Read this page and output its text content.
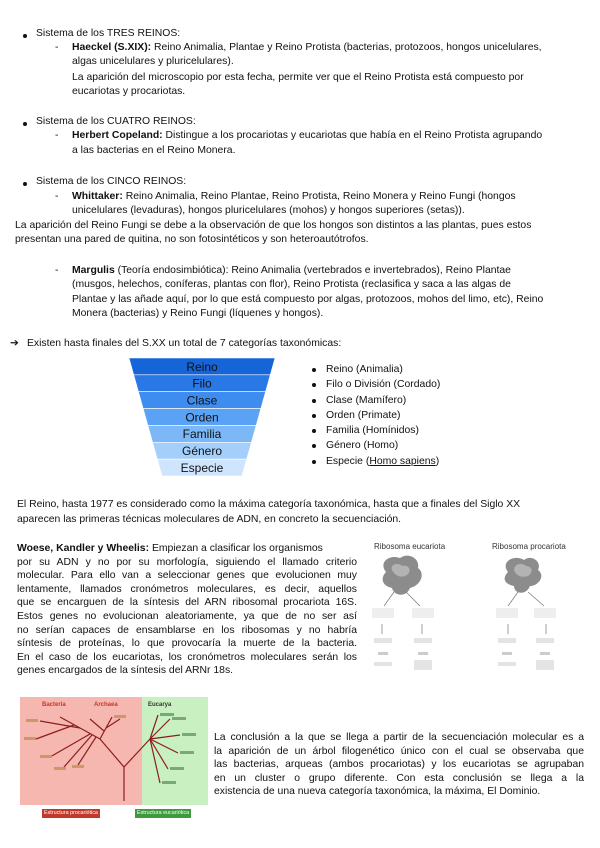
Sistema de los TRES REINOS:
- Haeckel (S.XIX): Reino Animalia, Plantae y Reino Protista (bacterias, protozoos, hongos unicelulares,
algas unicelulares y pluricelulares).
La aparición del microscopio por esta fecha, permite ver que el Reino Protista está compuesto por
eucariotas y procariotas.
Sistema de los CUATRO REINOS:
- Herbert Copeland: Distingue a los procariotas y eucariotas que había en el Reino Protista agrupando
a las bacterias en el Reino Monera.
Sistema de los CINCO REINOS:
- Whittaker: Reino Animalia, Reino Plantae, Reino Protista, Reino Monera y Reino Fungi (hongos
unicelulares (levaduras), hongos pluricelulares (mohos) y hongos superiores (setas)).
La aparición del Reino Fungi se debe a la observación de que los hongos son distintos a las plantas, pues estos
presentan una pared de quitina, no son fotosintéticos y son heteroautótrofos.
- Margulis (Teoría endosimbiótica): Reino Animalia (vertebrados e invertebrados), Reino Plantae
(musgos, helechos, coníferas, plantas con flor), Reino Protista (reclasifica y saca a las algas de
Plantae y las añade aquí, por lo que está compuesto por algas, protozoos, mohos del limo, etc), Reino
Monera (bacterias) y Reino Fungi (líquenes y hongos).
➔ Existen hasta finales del S.XX un total de 7 categorías taxonómicas:
Reino
Filo
Clase
Orden
Familia
Género
Especie
Reino (Animalia)
Filo o División (Cordado)
Clase (Mamífero)
Orden (Primate)
Familia (Homínidos)
Género (Homo)
Especie (Homo sapiens)
El Reino, hasta 1977 es considerado como la máxima categoría taxonómica, hasta que a finales del Siglo XX
aparecen las primeras técnicas moleculares de ADN, en concreto la secuenciación.
Woese, Kandler y Wheelis: Empiezan a clasificar los organismos
por su ADN y no por su morfología, siguiendo el llamado criterio
molecular. Para ello van a seleccionar genes que evolucionen muy
lentamente, llamados cronómetros moleculares, es decir, aquellos
que se encarguen de la síntesis del ARN ribosomal procariota 16S.
Estos genes no evolucionan aleatoriamente, ya que de no ser así
no serían capaces de ensamblarse en los ribosomas y no habría
síntesis de proteínas, lo que provocaría la muerte de la bacteria.
En el caso de los eucariotas, los cronómetros moleculares serán los
genes encargados de la síntesis del ARNr 18s.
Ribosoma eucariota	Ribosoma procariota
Bacteria	Archaea	Eucarya
Estructura procariótica	Estructura eucariótica
La conclusión a la que se llega a partir de la secuenciación molecular es a
la aparición de un árbol filogenético único con el cual se observaba que
las bacterias, arqueas (ambos procariotas) y los eucariotas se agrupaban
en un cluster o grupo diferente. Con esta conclusión se llega a la
existencia de una nueva categoría taxonómica, la máxima, El Dominio.
